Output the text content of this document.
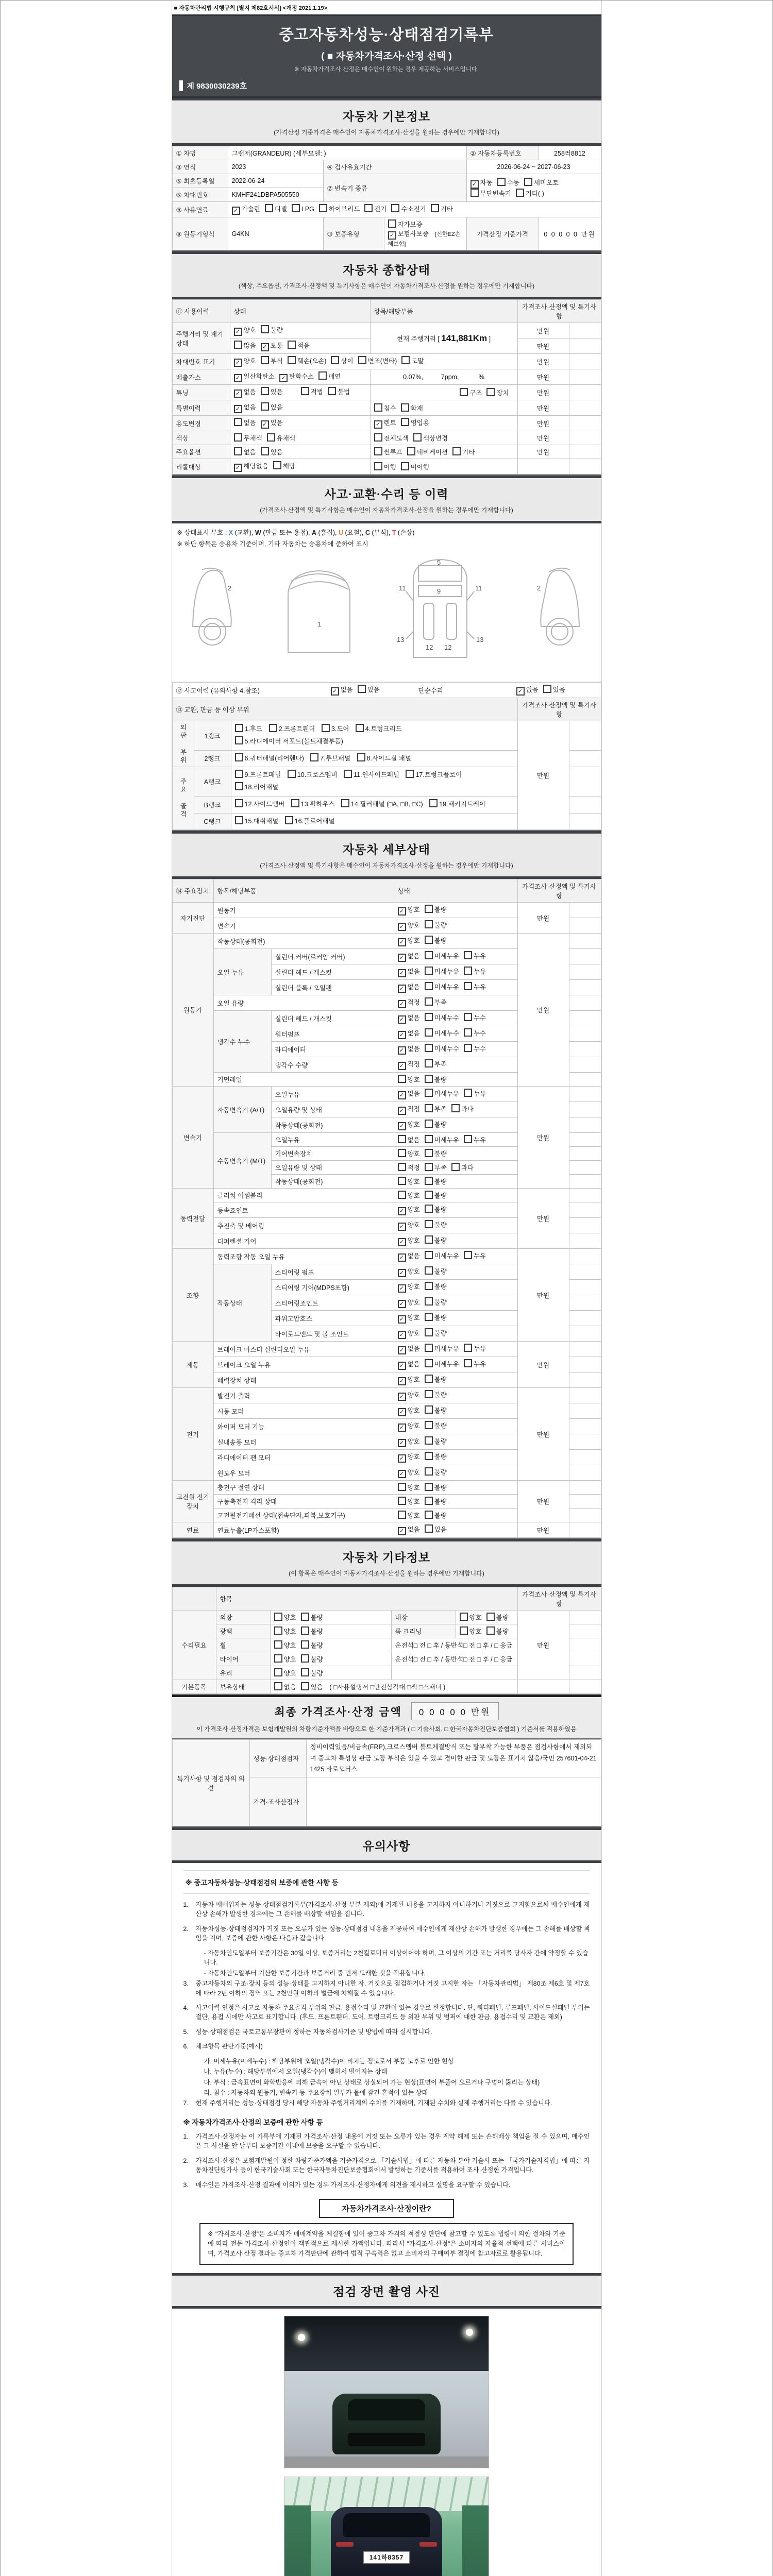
■ 자동차관리법 시행규칙 [별지 제82호서식] <개정 2021.1.19>
중고자동차성능·상태점검기록부
( ■ 자동차가격조사·산정 선택 )
※ 자동차가격조사·산정은 매수인이 원하는 경우 제공하는 서비스입니다.
제 9830030239호
자동차 기본정보
(가격산정 기준가격은 매수인이 자동차가격조사·산정을 원하는 경우에만 기재합니다)
① 차명	그랜저(GRANDEUR) (세부모델: )			② 자동차등록번호	258러8812
③ 연식	2023	④ 검사유효기간		2026-06-24 ~ 2027-06-23	
⑤ 최초등록일	2022-06-24	⑦ 변속기 종류		✓ 자동 수동 세미오토무단변속기 기타( )	
⑥ 차대번호	KMHF241DBPA505550				
⑧ 사용연료	✓ 가솔린 디젤 LPG 하이브리드 전기 수소전기 기타				
⑨ 원동기형식	G4KN	⑩ 보증유형	자가보증✓ 보험사보증 [신한EZ손해보험]	가격산정 기준가격	0 0 0 0 0 만원
자동차 종합상태
(색상, 주요옵션, 가격조사·산정액 및 특기사항은 매수인이 자동차가격조사·산정을 원하는 경우에만 기재합니다)
⑪ 사용이력	상태	항목/해당부품	가격조사·산정액 및 특기사항	
주행거리 및 계기상태	✓ 양호 불량	현재 주행거리 [ 141,881Km ]	만원	
	많음 ✓ 보통 적음		만원	
차대번호 표기	✓ 양호 부식 훼손(오손) 상이 변조(변타) 도말		만원	
배출가스	✓ 일산화탄소 ✓ 탄화수소 매연	0.07%,          7ppm,           %	만원	
튜닝	✓ 없음 있음 적법 불법	구조 장치	만원	
특별이력	✓ 없음 있음	침수 화재	만원	
용도변경	없음 ✓ 있음	✓ 렌트 영업용	만원	
색상	무채색 유채색	전체도색 색상변경	만원	
주요옵션	없음 있음	썬루프 네비게이션 기타	만원	
리콜대상	✓ 해당없음 해당	이행 미이행		
사고·교환·수리 등 이력
(가격조사·산정액 및 특기사항은 매수인이 자동차가격조사·산정을 원하는 경우에만 기재합니다)
※ 상태표시 부호 : X (교환), W (판금 또는 용접), A (흠집), U (요철), C (부식), T (손상)
※ 하단 항목은 승용차 기준이며, 기타 자동차는 승용차에 준하여 표시
2
1
5
9
11	11
13	13
12 12
2
⑫ 사고이력 (유의사항 4.참조) ✓ 없음 있음 단순수리 ✓ 없음 있음				

⑬ 교환, 판금 등 이상 부위			가격조사·산정액 및 특기사항	
외판 부위	1랭크	1.후드 2.프론트휀더 3.도어 4.트렁크리드 5.라디에이터 서포트(볼트체결부품)	만원	
	2랭크	6.쿼터패널(리어휀다) 7.루브패널 8.사이드실 패널		
주요 골격	A랭크	9.프론트패널 10.크로스멤버 11.인사이드패널 17.트렁크플로어 18.리어패널		
	B랭크	12.사이드멤버 13.휠하우스 14.필러패널 (□A, □B, □C) 19.패키지트레이		
	C랭크	15.대쉬패널 16.플로어패널		
자동차 세부상태
(가격조사·산정액 및 특기사항은 매수인이 자동차가격조사·산정을 원하는 경우에만 기재합니다)
⑭ 주요장치	항목/해당부품		상태	가격조사·산정액 및 특기사항	
자기진단	원동기		✓ 양호 불량	만원	
	변속기		✓ 양호 불량		
원동기	작동상태(공회전)		✓ 양호 불량	만원	
	오일 누유	실린더 커버(로커암 커버)	✓ 없음 미세누유 누유		
		실린더 헤드 / 개스킷	✓ 없음 미세누유 누유		
		실린더 블록 / 오일팬	✓ 없음 미세누유 누유		
	오일 유량		✓ 적정 부족		
	냉각수 누수	실린더 헤드 / 개스킷	✓ 없음 미세누수 누수		
		워터펌프	✓ 없음 미세누수 누수		
		라디에이터	✓ 없음 미세누수 누수		
		냉각수 수량	✓ 적정 부족		
	커먼레일		양호 불량		
변속기	자동변속기 (A/T)	오일누유	✓ 없음 미세누유 누유	만원	
		오일유량 및 상태	✓ 적정 부족 과다		
		작동상태(공회전)	✓ 양호 불량		
	수동변속기 (M/T)	오일누유	없음 미세누유 누유		
		기어변속장치	양호 불량		
		오일유량 및 상태	적정 부족 과다		
		작동상태(공회전)	양호 불량		
동력전달	클러치 어셈블리		양호 불량	만원	
	등속죠인트		✓ 양호 불량		
	추진축 및 베어링		✓ 양호 불량		
	디퍼렌셜 기어		✓ 양호 불량		
조향	동력조향 작동 오일 누유		✓ 없음 미세누유 누유	만원	
	작동상태	스티어링 펌프	✓ 양호 불량		
		스티어링 기어(MDPS포함)	✓ 양호 불량		
		스티어링조인트	✓ 양호 불량		
		파워고압호스	✓ 양호 불량		
		타이로드엔드 및 볼 조인트	✓ 양호 불량		
제동	브레이크 마스터 실린더오일 누유		✓ 없음 미세누유 누유	만원	
	브레이크 오일 누유		✓ 없음 미세누유 누유		
	배력장치 상태		✓ 양호 불량		
전기	발전기 출력		✓ 양호 불량	만원	
	시동 모터		✓ 양호 불량		
	와이퍼 모터 기능		✓ 양호 불량		
	실내송풍 모터		✓ 양호 불량		
	라디에이터 팬 모터		✓ 양호 불량		
	윈도우 모터		✓ 양호 불량		
고전원 전기장치	충전구 절연 상태		양호 불량	만원	
	구동축전지 격리 상태		양호 불량		
	고전원전기배선 상태(접속단자,피복,보호기구)		양호 불량		
연료	연료누출(LP가스포함)		✓ 없음 있음	만원	
자동차 기타정보
(이 항목은 매수인이 자동차가격조사·산정을 원하는 경우에만 기재합니다)
	항목				가격조사·산정액 및 특기사항	
수리필요	외장	양호 불량	내장	양호 불량	만원	
	광택	양호 불량	룸 크리닝	양호 불량		
	휠	양호 불량	운전석□ 전 □ 후 / 동반석□ 전 □ 후 / □ 응급			
	타이어	양호 불량	운전석□ 전 □ 후 / 동반석□ 전 □ 후 / □ 응급			
	유리	양호 불량				
기본품목	보유상태	없음 있음 ( □사용설명서 □안전삼각대 □잭 □스패너 )				
최종 가격조사·산정 금액	0 0 0 0 0 만원
이 가격조사·산정가격은 보험개발원의 차량기준가액을 바탕으로 한 기준가격과 ( □ 기술사회, □ 한국자동차진단보증협회 ) 기준서를 적용하였음
특기사항 및 점검자의 의견	성능·상태점검자	정비이력있음/비금속(FRP),크로스멤버 볼트체결방식 또는 탈부착 가능한 부품은 점검사항에서 제외되며 중고차 특성상 판금 도장 부식은 있을 수 있고 경미한 판금 및 도장은 표기치 않음/국민 257601-04-211425 바로모터스
	가격·조사산정자	
유의사항
※ 중고자동차성능·상태점검의 보증에 관한 사항 등
1.	자동차 매매업자는 성능·상태점검기록부(가격조사·산정 부분 제외)에 기재된 내용을 고지하지 아니하거나 거짓으로 고지함으로써 매수인에게 재산상 손해가 발생한 경우에는 그 손해를 배상할 책임을 집니다.
2.	자동차성능·상태점검자가 거짓 또는 오류가 있는 성능·상태점검 내용을 제공하여 매수인에게 재산상 손해가 발생한 경우에는 그 손해를 배상할 책임을 지며, 보증에 관한 사항은 다음과 같습니다.
- 자동차인도일부터 보증기간은 30일 이상, 보증거리는 2천킬로미터 이상이어야 하며, 그 이상의 기간 또는 거리를 당사자 간에 약정할 수 있습니다.
- 자동차인도일부터 기산한 보증기간과 보증거리 중 먼저 도래한 것을 적용합니다.
3.	중고자동차의 구조·장치 등의 성능·상태를 고지하지 아니한 자, 거짓으로 점검하거나 거짓 고지한 자는 「자동차관리법」 제80조 제6호 및 제7호에 따라 2년 이하의 징역 또는 2천만원 이하의 벌금에 처해질 수 있습니다.
4.	사고이력 인정은 사고로 자동차 주요골격 부위의 판금, 용접수리 및 교환이 있는 경우로 한정합니다. 단, 쿼터패널, 루프패널, 사이드실패널 부위는 절단, 용접 시에만 사고로 표기합니다. (후드, 프론트휀더, 도어, 트렁크리드 등 외판 부위 및 범퍼에 대한 판금, 용접수리 및 교환은 제외)
5.	성능·상태점검은 국토교통부장관이 정하는 자동차검사기준 및 방법에 따라 실시합니다.
6.	체크항목 판단기준(예시)
가. 미세누유(미세누수) : 해당부위에 오일(냉각수)이 비치는 정도로서 부품 노후로 인한 현상
나. 누유(누수) : 해당부위에서 오일(냉각수)이 맺혀서 떨어지는 상태
다. 부식 : 금속표면이 화학반응에 의해 금속이 아닌 상태로 상실되어 가는 현상(표면이 부풀어 오르거나 구멍이 뚫리는 상태)
라. 침수 : 자동차의 원동기, 변속기 등 주요장치 일부가 물에 잠긴 흔적이 있는 상태
7.	현재 주행거리는 성능·상태점검 당시 해당 자동차 주행거리계의 수치를 기재하며, 기재된 수치와 실제 주행거리는 다를 수 있습니다.
※ 자동차가격조사·산정의 보증에 관한 사항 등
1.	가격조사·산정자는 이 기록부에 기재된 가격조사·산정 내용에 거짓 또는 오류가 있는 경우 계약 해제 또는 손해배상 책임을 질 수 있으며, 매수인은 그 사실을 안 날부터 보증기간 이내에 보증을 요구할 수 있습니다.
2.	가격조사·산정은 보험개발원이 정한 차량기준가액을 기준가격으로 「기술사법」에 따른 자동차 분야 기술사 또는 「국가기술자격법」에 따른 자동차진단평가사 등이 한국기술사회 또는 한국자동차진단보증협회에서 발행하는 기준서를 적용하여 조사·산정한 가격입니다.
3.	매수인은 가격조사·산정 결과에 이의가 있는 경우 가격조사·산정자에게 의견을 제시하고 설명을 요구할 수 있습니다.
자동차가격조사·산정이란?
※ "가격조사·산정"은 소비자가 매매계약을 체결함에 있어 중고차 가격의 적절성 판단에 참고할 수 있도록 법령에 의한 절차와 기준에 따라 전문 가격조사·산정인이 객관적으로 제시한 가액입니다. 따라서 "가격조사·산정"은 소비자의 자율적 선택에 따른 서비스이며, 가격조사·산정 결과는 중고차 가격판단에 관하여 법적 구속력은 없고 소비자의 구매여부 결정에 참고자료로 활용됩니다.
점검 장면 촬영 사진
141하8357
